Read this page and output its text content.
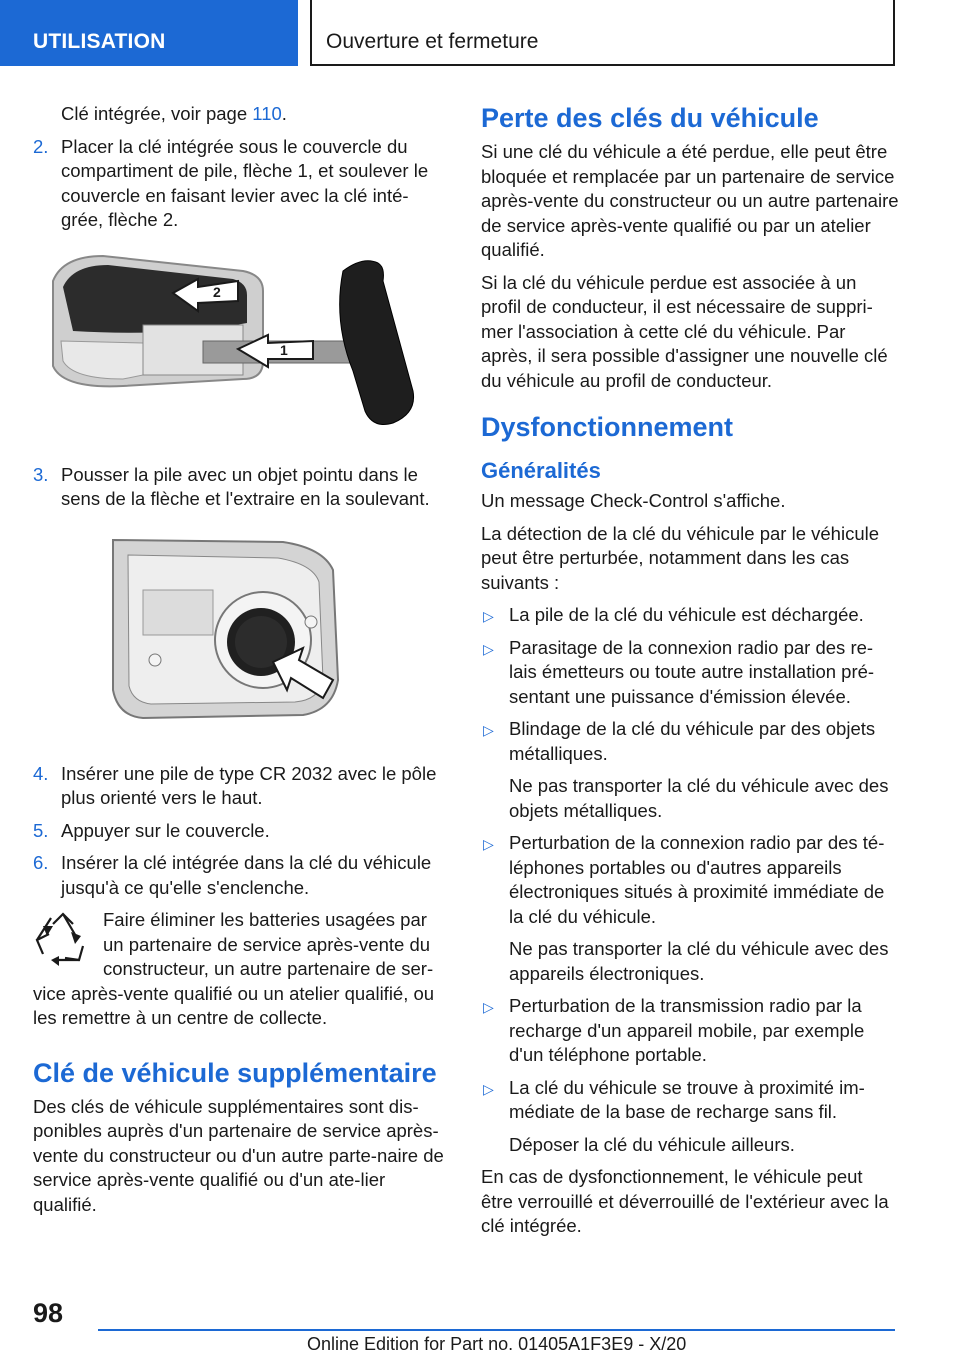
UTILISATION	Ouverture et fermeture
Clé intégrée, voir page 110.
2. Placer la clé intégrée sous le couvercle du compartiment de pile, flèche 1, et soulever le couvercle en faisant levier avec la clé inté-grée, flèche 2.
2
1
3. Pousser la pile avec un objet pointu dans le sens de la flèche et l'extraire en la soulevant.
4. Insérer une pile de type CR 2032 avec le pôle plus orienté vers le haut.
5. Appuyer sur le couvercle.
6. Insérer la clé intégrée dans la clé du véhicule jusqu'à ce qu'elle s'enclenche.
Faire éliminer les batteries usagées par un partenaire de service après-vente du constructeur, un autre partenaire de ser-vice après-vente qualifié ou un atelier qualifié, ou les remettre à un centre de collecte.
Clé de véhicule supplémentaire
Des clés de véhicule supplémentaires sont dis-ponibles auprès d'un partenaire de service après-vente du constructeur ou d'un autre parte-naire de service après-vente qualifié ou d'un ate-lier qualifié.
Perte des clés du véhicule
Si une clé du véhicule a été perdue, elle peut être bloquée et remplacée par un partenaire de service après-vente du constructeur ou un autre partenaire de service après-vente qualifié ou par un atelier qualifié.
Si la clé du véhicule perdue est associée à un profil de conducteur, il est nécessaire de suppri-mer l'association à cette clé du véhicule. Par après, il sera possible d'assigner une nouvelle clé du véhicule au profil de conducteur.
Dysfonctionnement
Généralités
Un message Check-Control s'affiche.
La détection de la clé du véhicule par le véhicule peut être perturbée, notamment dans les cas suivants :
▷ La pile de la clé du véhicule est déchargée.
▷ Parasitage de la connexion radio par des re-lais émetteurs ou toute autre installation pré-sentant une puissance d'émission élevée.
▷ Blindage de la clé du véhicule par des objets métalliques.
Ne pas transporter la clé du véhicule avec des objets métalliques.
▷ Perturbation de la connexion radio par des té-léphones portables ou d'autres appareils électroniques situés à proximité immédiate de la clé du véhicule.
Ne pas transporter la clé du véhicule avec des appareils électroniques.
▷ Perturbation de la transmission radio par la recharge d'un appareil mobile, par exemple d'un téléphone portable.
▷ La clé du véhicule se trouve à proximité im-médiate de la base de recharge sans fil.
Déposer la clé du véhicule ailleurs.
En cas de dysfonctionnement, le véhicule peut être verrouillé et déverrouillé de l'extérieur avec la clé intégrée.
98
Online Edition for Part no. 01405A1F3E9 - X/20
